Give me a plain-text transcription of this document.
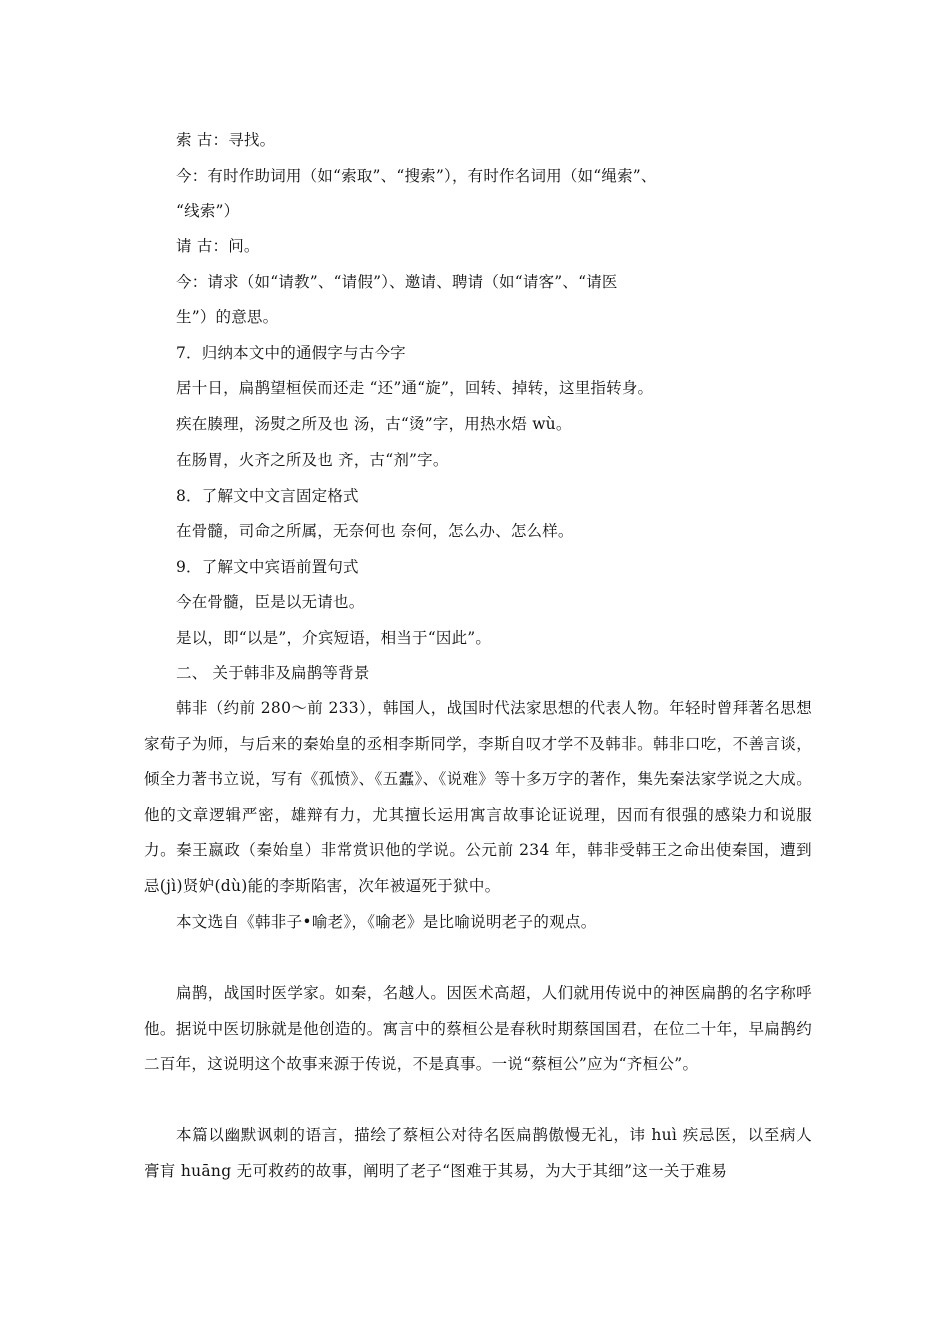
索 古：寻找。
今：有时作助词用（如“索取”、“搜索”），有时作名词用（如“绳索”、
“线索”）
请 古：问。
今：请求（如“请教”、“请假”）、邀请、聘请（如“请客”、“请医
生”）的意思。
7．归纳本文中的通假字与古今字
居十日，扁鹊望桓侯而还走 “还”通“旋”，回转、掉转，这里指转身。
疾在腠理，汤熨之所及也 汤，古“烫”字，用热水焐 wù。
在肠胃，火齐之所及也 齐，古“剂”字。
8．了解文中文言固定格式
在骨髓，司命之所属，无奈何也 奈何，怎么办、怎么样。
9．了解文中宾语前置句式
今在骨髓，臣是以无请也。
是以，即“以是”，介宾短语，相当于“因此”。
二、 关于韩非及扁鹊等背景

韩非（约前 280～前 233），韩国人，战国时代法家思想的代表人物。年轻时曾拜著名思想家荀子为师，与后来的秦始皇的丞相李斯同学，李斯自叹才学不及韩非。韩非口吃，不善言谈，倾全力著书立说，写有《孤愤》、《五蠹》、《说难》等十多万字的著作，集先秦法家学说之大成。他的文章逻辑严密，雄辩有力，尤其擅长运用寓言故事论证说理，因而有很强的感染力和说服力。秦王嬴政（秦始皇）非常赏识他的学说。公元前 234 年，韩非受韩王之命出使秦国，遭到忌(jì)贤妒(dù)能的李斯陷害，次年被逼死于狱中。

本文选自《韩非子•喻老》，《喻老》是比喻说明老子的观点。

扁鹊，战国时医学家。如秦，名越人。因医术高超，人们就用传说中的神医扁鹊的名字称呼他。据说中医切脉就是他创造的。寓言中的蔡桓公是春秋时期蔡国国君，在位二十年，早扁鹊约二百年，这说明这个故事来源于传说，不是真事。一说“蔡桓公”应为“齐桓公”。

本篇以幽默讽刺的语言，描绘了蔡桓公对待名医扁鹊傲慢无礼，讳 huì 疾忌医，以至病人膏肓 huāng 无可救药的故事，阐明了老子“图难于其易，为大于其细”这一关于难易
